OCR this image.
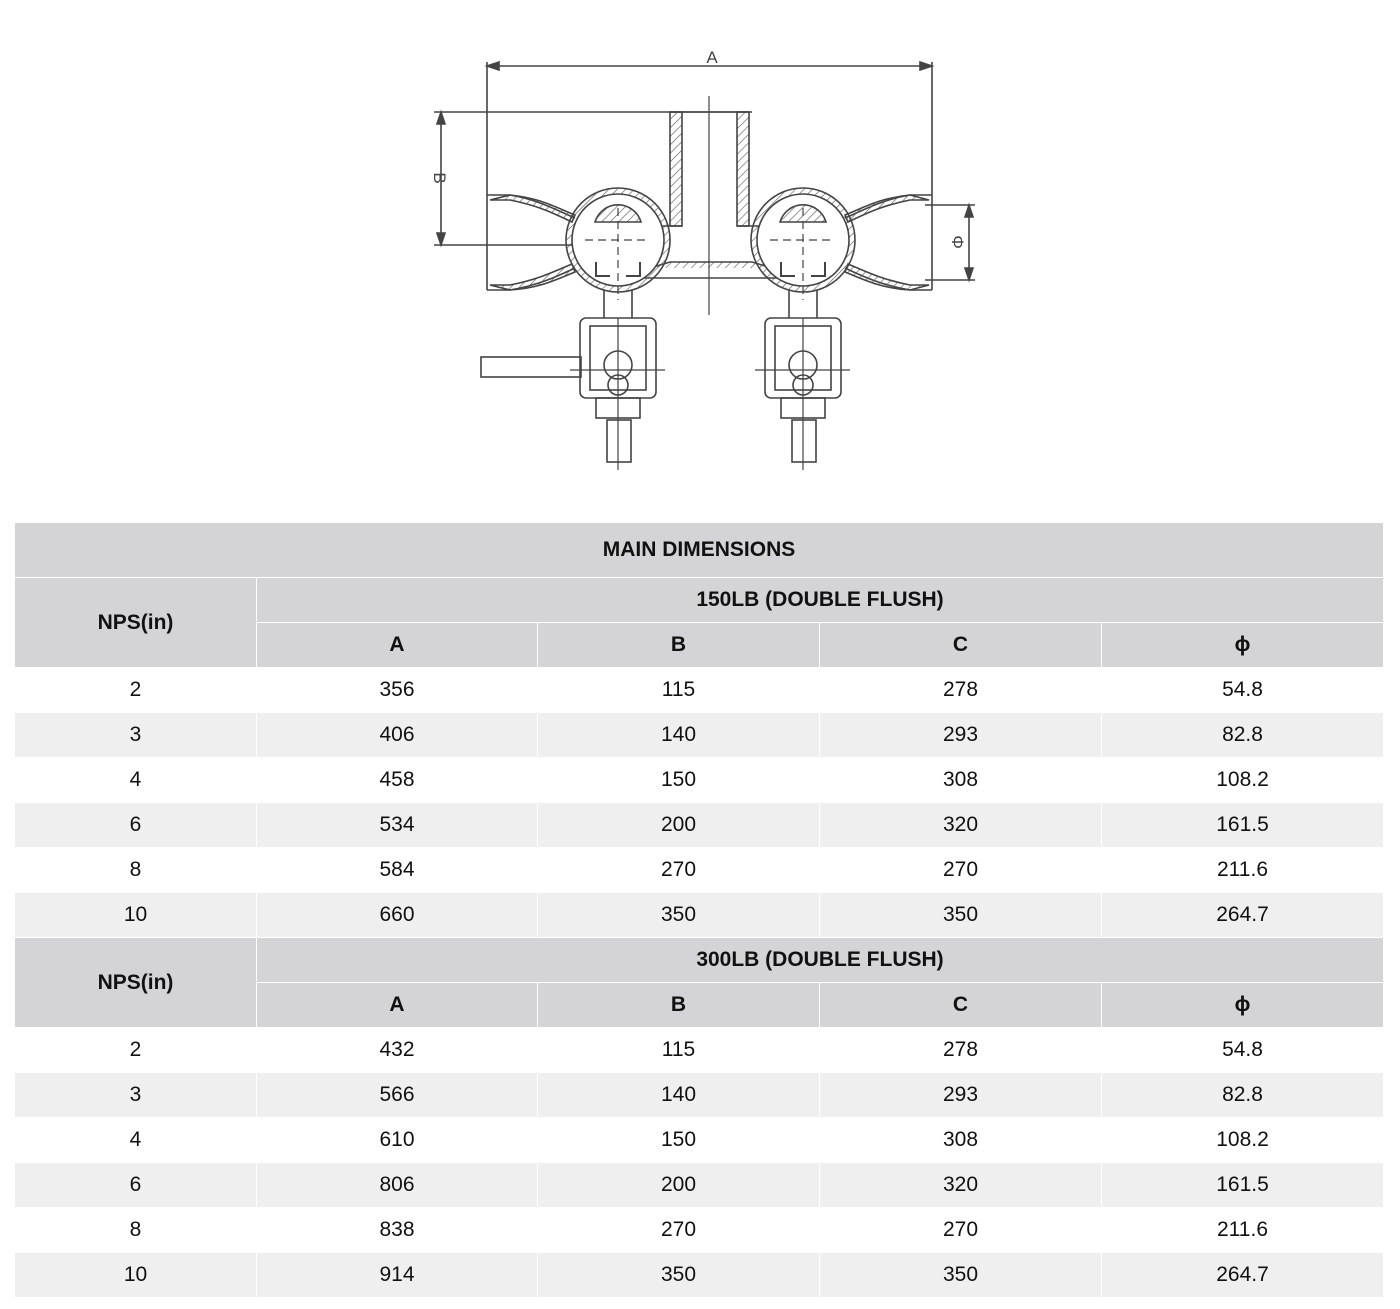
A
B
Φ
MAIN DIMENSIONS				
NPS(in)	150LB (DOUBLE FLUSH)			
	A	B	C	ϕ
2	356	115	278	54.8
3	406	140	293	82.8
4	458	150	308	108.2
6	534	200	320	161.5
8	584	270	270	211.6
10	660	350	350	264.7
NPS(in)	300LB (DOUBLE FLUSH)			
	A	B	C	ϕ
2	432	115	278	54.8
3	566	140	293	82.8
4	610	150	308	108.2
6	806	200	320	161.5
8	838	270	270	211.6
10	914	350	350	264.7
